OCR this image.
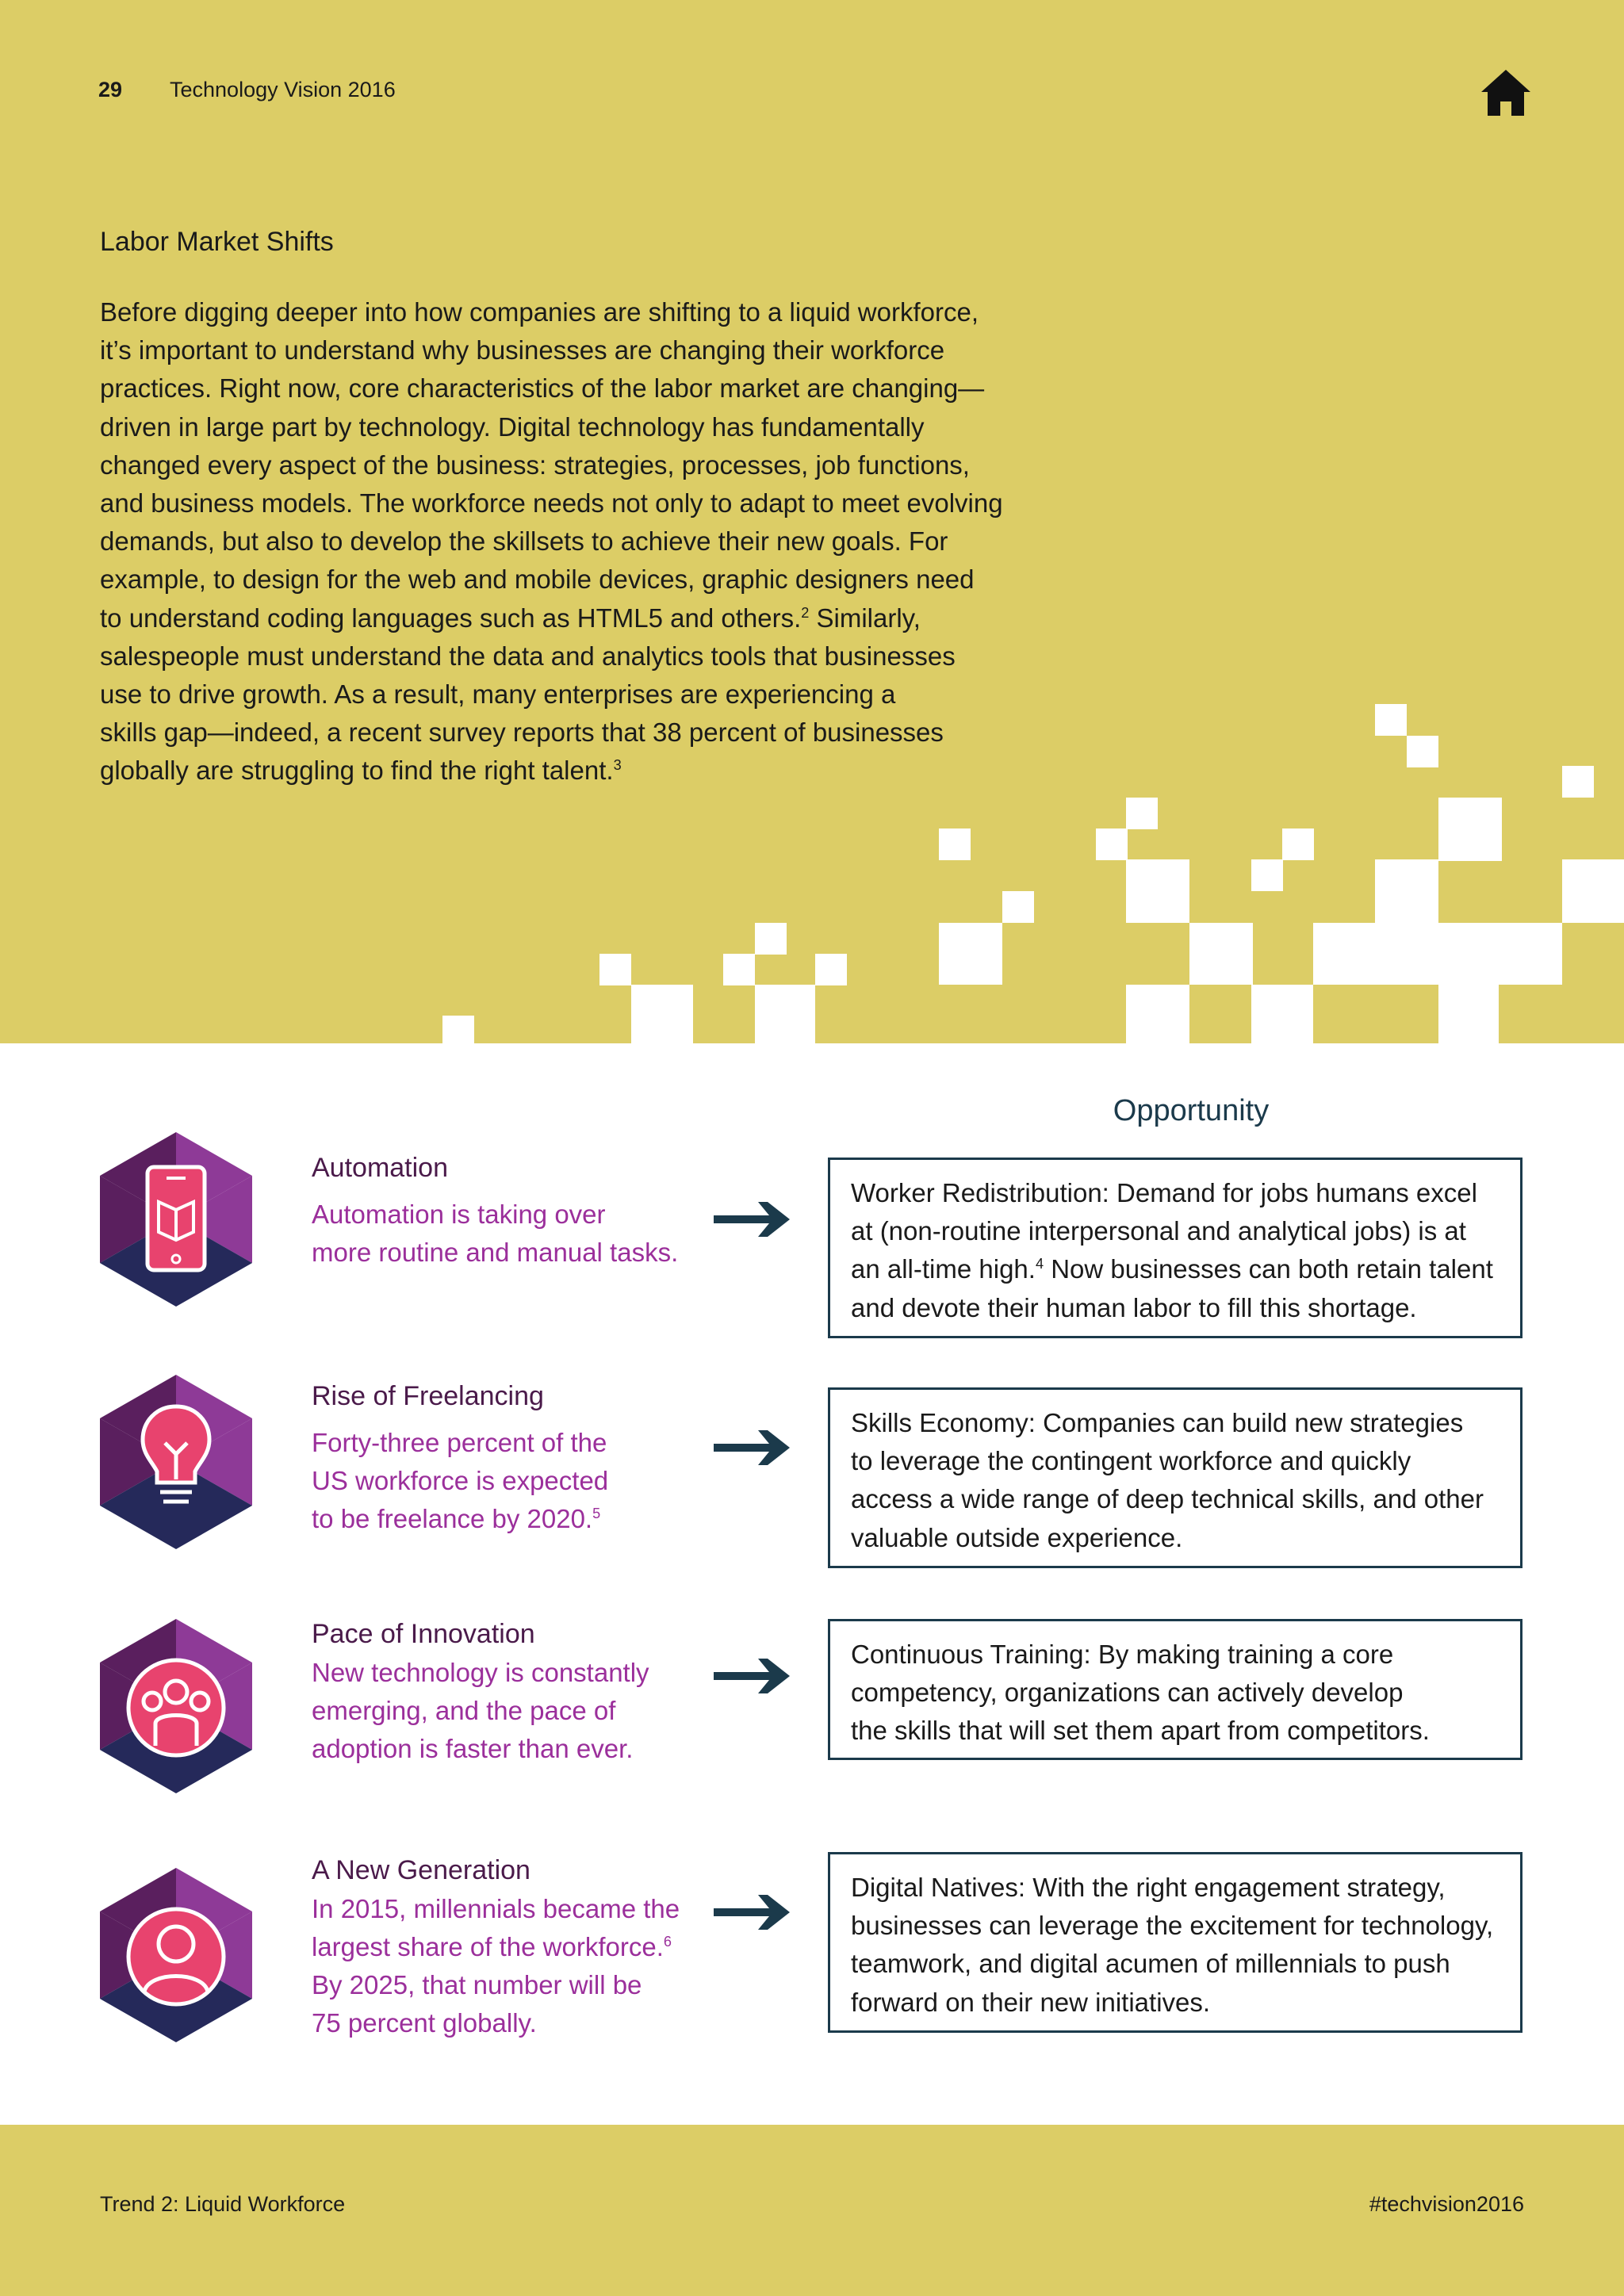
29 Technology Vision 2016
Labor Market Shifts
Before digging deeper into how companies are shifting to a liquid workforce,
it’s important to understand why businesses are changing their workforce
practices. Right now, core characteristics of the labor market are changing—
driven in large part by technology. Digital technology has fundamentally
changed every aspect of the business: strategies, processes, job functions,
and business models. The workforce needs not only to adapt to meet evolving
demands, but also to develop the skillsets to achieve their new goals. For
example, to design for the web and mobile devices, graphic designers need
to understand coding languages such as HTML5 and others.$^2$ Similarly,
salespeople must understand the data and analytics tools that businesses
use to drive growth. As a result, many enterprises are experiencing a
skills gap—indeed, a recent survey reports that 38 percent of businesses
globally are struggling to find the right talent.$^3$
Opportunity
Automation
Automation is taking over
more routine and manual tasks.
Worker Redistribution: Demand for jobs humans excel
at (non-routine interpersonal and analytical jobs) is at
an all-time high.$^4$ Now businesses can both retain talent
and devote their human labor to fill this shortage.
Rise of Freelancing
Forty-three percent of the
US workforce is expected
to be freelance by 2020.$^5$
Skills Economy: Companies can build new strategies
to leverage the contingent workforce and quickly
access a wide range of deep technical skills, and other
valuable outside experience.
Pace of Innovation
New technology is constantly
emerging, and the pace of
adoption is faster than ever.
Continuous Training: By making training a core
competency, organizations can actively develop
the skills that will set them apart from competitors.
A New Generation
In 2015, millennials became the
largest share of the workforce.$^6$
By 2025, that number will be
75 percent globally.
Digital Natives: With the right engagement strategy,
businesses can leverage the excitement for technology,
teamwork, and digital acumen of millennials to push
forward on their new initiatives.
Trend 2: Liquid Workforce	#techvision2016
